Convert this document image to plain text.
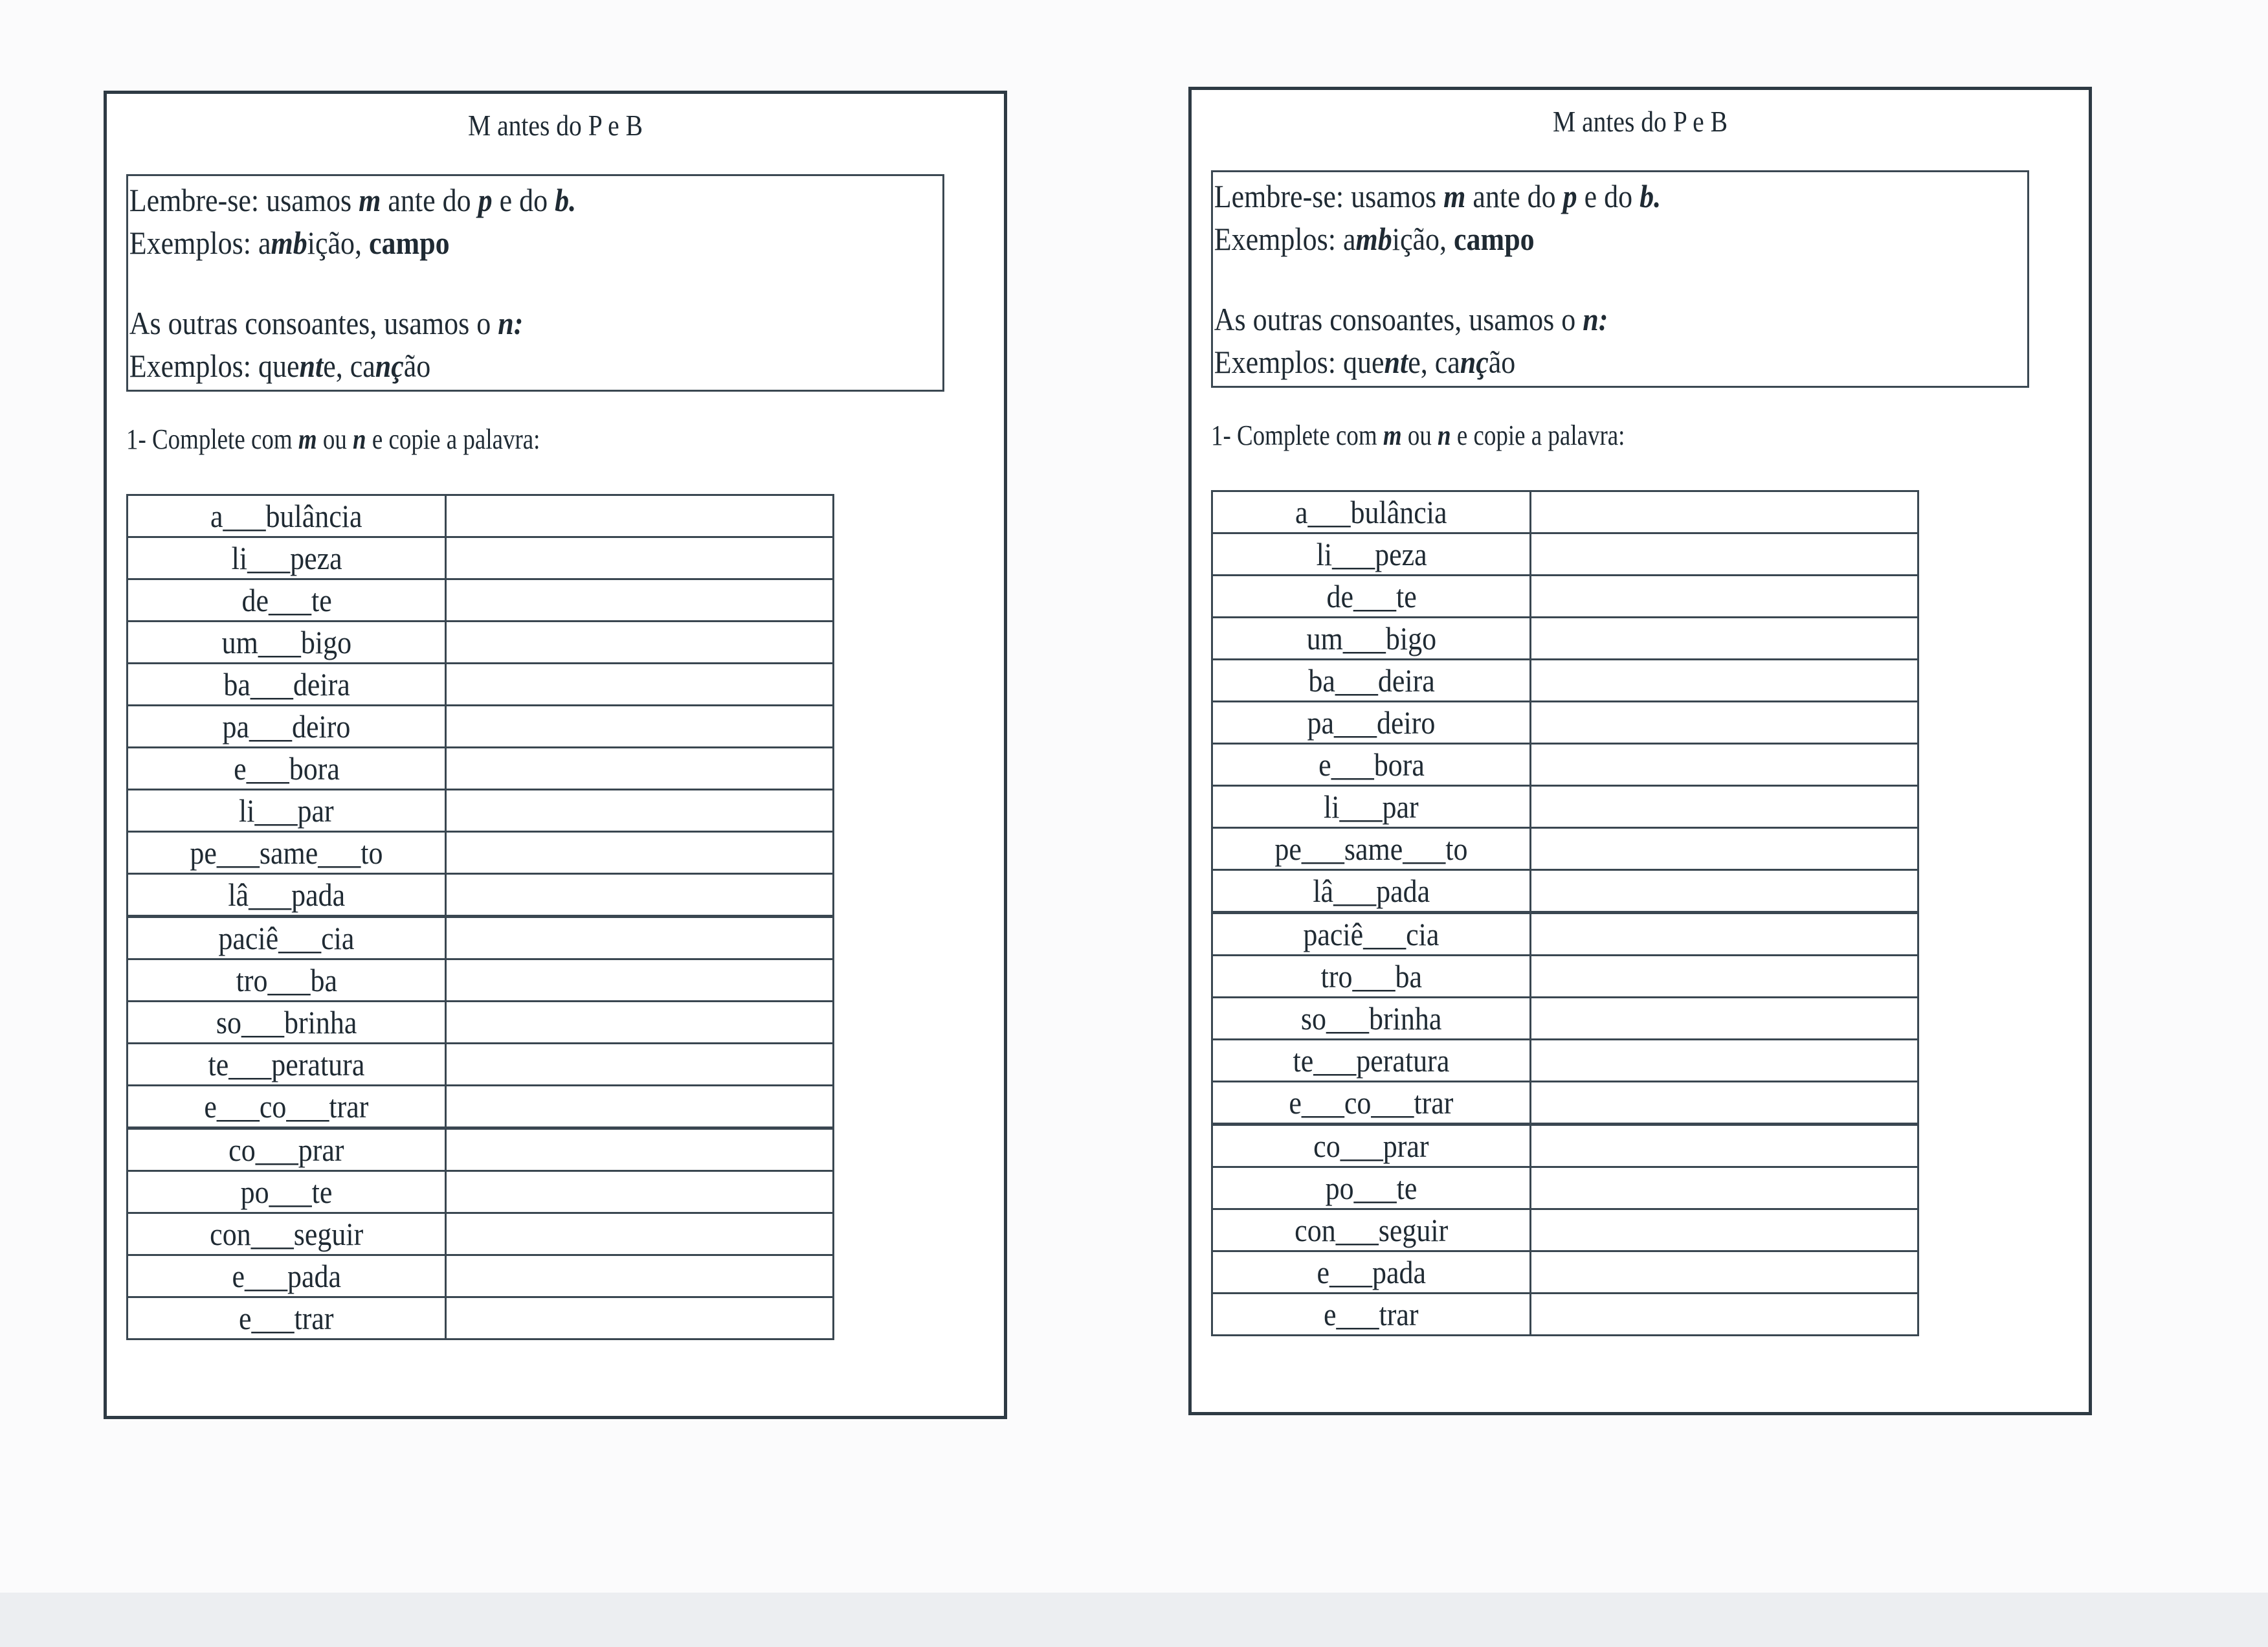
M antes do P e B
Lembre-se: usamos m ante do p e do b.
Exemplos: ambição, campo
As outras consoantes, usamos o n:
Exemplos: quente, canção
1- Complete com m ou n e copie a palavra:
a___bulância	
li___peza	
de___te	
um___bigo	
ba___deira	
pa___deiro	
e___bora	
li___par	
pe___same___to	
lâ___pada	
paciê___cia	
tro___ba	
so___brinha	
te___peratura	
e___co___trar	
co___prar	
po___te	
con___seguir	
e___pada	
e___trar	
M antes do P e B
Lembre-se: usamos m ante do p e do b.
Exemplos: ambição, campo
As outras consoantes, usamos o n:
Exemplos: quente, canção
1- Complete com m ou n e copie a palavra:
a___bulância	
li___peza	
de___te	
um___bigo	
ba___deira	
pa___deiro	
e___bora	
li___par	
pe___same___to	
lâ___pada	
paciê___cia	
tro___ba	
so___brinha	
te___peratura	
e___co___trar	
co___prar	
po___te	
con___seguir	
e___pada	
e___trar	
